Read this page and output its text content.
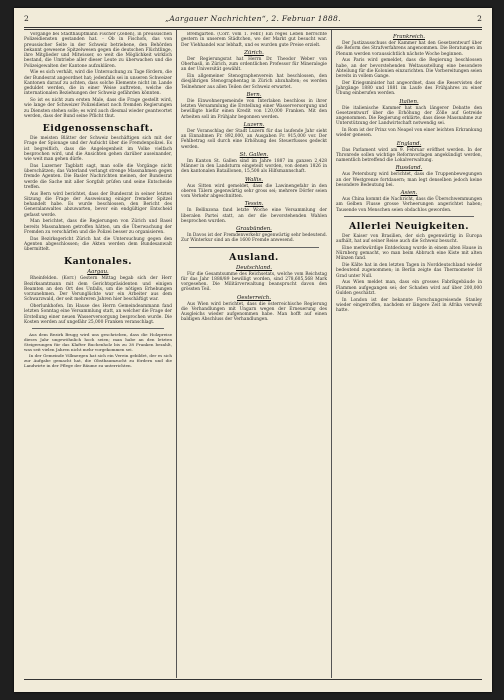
2	„Aargauer Nachrichten“, 2. Februar 1888.	2

Vorgänge bei Stadthauptmann Fischer (Zellen), in preussischen Polizeidiensten gestanden hat. - Ob in Fischofs, das von preussischer Seite in der Schweiz betriebene, den Behörden bekannt gewesene Spitzelwesen gegen die deutschen Flüchtlinge, ihre Mitglieder und Mitwisser, so weit die Möglichkeit wirklich bestand, die Umtriebe aller dieser Leute zu überwachen und die Polizeigewalten der Kantone aufzuklären.

Wie es sich verhält, wird die Untersuchung zu Tage fördern, die der Bundesrat angeordnet hat; jedenfalls sei in unseren Schweizer Kantonen darauf zu achten, dass solche Elemente nicht im Lande geduldet werden, die in einer Weise auftreten, welche die internationalen Beziehungen der Schweiz gefährden könnten.

So ist es nicht zum ersten Male, dass die Frage gestellt wird, wie lange der Schweizer Polizeidienst noch fremden Regierungen zu Diensten stehen solle; es wird auch diesmal wieder geantwortet werden, dass der Bund seine Pflicht thut.

Eidgenossenschaft.

Die meisten Blätter der Schweiz beschäftigen sich mit der Frage der Spionage und der Aufsicht über die Fremdenpolizei. Es ist begreiflich, dass die Angelegenheit im Volke vielfach besprochen wird, und die Ansichten gehen darüber auseinander, wie weit man gehen dürfe.

Das Luzerner Tagblatt sagt, man solle die Vorgänge nicht überschätzen; das Vaterland verlangt strenge Massnahmen gegen fremde Agenten. Die Basler Nachrichten meinen, der Bundesrat werde die Sache mit aller Sorgfalt prüfen und seine Entscheide treffen.

Aus Bern wird berichtet, dass der Bundesrat in seiner letzten Sitzung die Frage der Ausweisung einiger fremder Spitzel behandelt habe. Es wurde beschlossen, den Bericht des Generalanwaltes abzuwarten, bevor ein endgültiger Entscheid gefasst werde.

Man berichtet, dass die Regierungen von Zürich und Basel bereits Massnahmen getroffen hätten, um die Überwachung der Fremden zu verschärfen und die Polizei besser zu organisieren.

Das Bezirksgericht Zürich hat die Untersuchung gegen den Agenten abgeschlossen; die Akten werden dem Bundesanwalt übermittelt.

Kantonales.
Aargau.

Rheinfelden. (Korr.) Gestern Mittag begab sich der Herr Bezirksamtmann mit dem Gerichtspräsidenten und einigen Beamten an den Ort des Unfalls, um die nötigen Erhebungen vorzunehmen. Der Verunglückte war ein Arbeiter aus dem Schwarzwald, der seit mehreren Jahren hier beschäftigt war.

Oberlunkhofen. Im Hause des Herrn Gemeindeammann fand letzten Sonntag eine Versammlung statt, an welcher die Frage der Erstellung einer neuen Wasserversorgung besprochen wurde. Die Kosten werden auf ungefähr 25,000 Franken veranschlagt.

Aus dem Bezirk Brugg wird uns geschrieben, dass die Holzpreise dieses Jahr ungewöhnlich hoch seien; man habe an den letzten Steigerungen für das Klafter Buchenholz bis zu 38 Franken bezahlt, was seit vielen Jahren nicht mehr vorgekommen sei.

In der Gemeinde Villmergen hat sich ein Verein gebildet, der es sich zur Aufgabe gemacht hat, die Obstbaumzucht zu fördern und die Landwirte in der Pflege der Bäume zu unterrichten.

Bremgarten. (Corr. vom 1. Febr.) Ein reges Leben herrschte gestern in unserem Städtchen, wo der Markt gut besucht war. Der Viehhandel war lebhaft, und es wurden gute Preise erzielt.

Zürich.

Der Regierungsrat hat Herrn Dr. Theodor Weber von Oberhasli, in Zürich, zum ordentlichen Professor für Mineralogie an der Universität gewählt.

Ein allgemeiner Stenographenverein hat beschlossen, den diesjährigen Stenographentag in Zürich abzuhalten; es werden Teilnehmer aus allen Teilen der Schweiz erwartet.

Bern.

Die Einwohnergemeinde von Interlaken beschloss in ihrer letzten Versammlung die Erstellung einer Wasserversorgung und bewilligte hiefür einen Kredit von 120,000 Franken. Mit den Arbeiten soll im Frühjahr begonnen werden.

Luzern.

Der Voranschlag der Stadt Luzern für das laufende Jahr sieht an Einnahmen Fr. 892,000, an Ausgaben Fr. 915,000 vor. Der Fehlbetrag soll durch eine Erhöhung des Steuerfusses gedeckt werden.

St. Gallen.

Im Kanton St. Gallen sind im Jahre 1887 im ganzen 2,428 Männer in den Landsturm eingeteilt worden, von denen 1826 in den kantonalen Bataillonen, 15,508 als Hilfsmannschaft.

Wallis.

Aus Sitten wird gemeldet, dass die Lawinengefahr in den oberen Tälern gegenwärtig sehr gross sei; mehrere Dörfer seien vom Verkehr abgeschnitten.

Tessin.

In Bellinzona fand letzte Woche eine Versammlung der liberalen Partei statt, an der die bevorstehenden Wahlen besprochen wurden.

Graubünden.

In Davos ist der Fremdenverkehr gegenwärtig sehr bedeutend. Zur Winterkur sind an die 1600 Fremde anwesend.

Ausland.
Deutschland.

Für die Gesamtsumme des Reichsetats, welche vom Reichstag für das Jahr 1888/89 bewilligt worden, sind 278,605,568 Mark vorgesehen. Die Militärverwaltung beansprucht davon den grössten Teil.

Oesterreich.

Aus Wien wird berichtet, dass die österreichische Regierung die Verhandlungen mit Ungarn wegen der Erneuerung des Ausgleichs wieder aufgenommen habe. Man hofft auf einen baldigen Abschluss der Verhandlungen.

Frankreich.

Der Justizausschuss der Kammer hat den Gesetzentwurf über die Reform des Strafverfahrens angenommen. Die Beratungen im Plenum werden voraussichtlich nächste Woche beginnen.

Aus Paris wird gemeldet, dass die Regierung beschlossen habe, an der bevorstehenden Weltausstellung eine besondere Abteilung für die Kolonien einzurichten. Die Vorbereitungen seien bereits in vollem Gange.

Der Kriegsminister hat angeordnet, dass die Reservisten der Jahrgänge 1880 und 1881 im Laufe des Frühjahres zu einer Übung einberufen werden.

Italien.

Die italienische Kammer hat nach längerer Debatte den Gesetzentwurf über die Erhöhung der Zölle auf Getreide angenommen. Die Regierung erklärte, dass diese Massnahme zur Unterstützung der Landwirtschaft notwendig sei.

In Rom ist der Prinz von Neapel von einer leichten Erkrankung wieder genesen.

England.

Das Parlament wird am 9. Februar eröffnet werden. In der Thronrede sollen wichtige Reformvorlagen angekündigt werden, namentlich betreffend die Lokalverwaltung.

Russland.

Aus Petersburg wird berichtet, dass die Truppenbewegungen an der Westgrenze fortdauern; man legt denselben jedoch keine besondere Bedeutung bei.

Asien.

Aus China kommt die Nachricht, dass die Überschwemmungen am Gelben Flusse grosse Verheerungen angerichtet haben; Tausende von Menschen seien obdachlos geworden.

Allerlei Neuigkeiten.

Der Kaiser von Brasilien, der sich gegenwärtig in Europa aufhält, hat auf seiner Reise auch die Schweiz besucht.

Eine merkwürdige Entdeckung wurde in einem alten Hause in Nürnberg gemacht, wo man beim Abbruch eine Kiste mit alten Münzen fand.

Die Kälte hat in den letzten Tagen in Norddeutschland wieder bedeutend zugenommen; in Berlin zeigte das Thermometer 18 Grad unter Null.

Aus Wien meldet man, dass ein grosses Fabrikgebäude in Flammen aufgegangen sei; der Schaden wird auf über 200,000 Gulden geschätzt.

In London ist der bekannte Forschungsreisende Stanley wieder eingetroffen, nachdem er längere Zeit in Afrika verweilt hatte.
